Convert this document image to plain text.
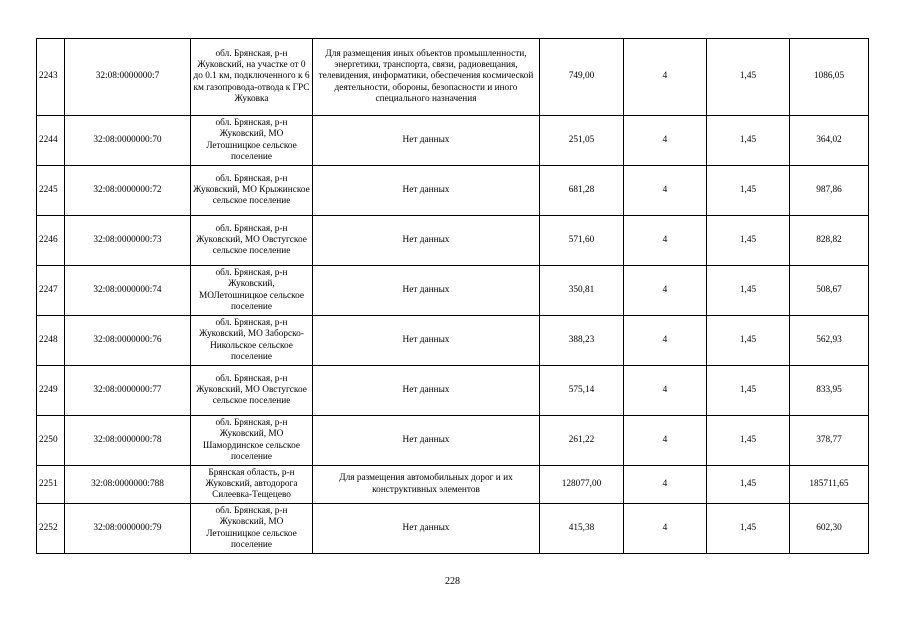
2243	32:08:0000000:7	обл. Брянская, р-н Жуковский, на участке от 0 до 0.1 км, подключенного к 6 км газопровода-отвода к ГРС Жуковка	Для размещения иных объектов промышленности, энергетики, транспорта, связи, радиовещания, телевидения, информатики, обеспечения космической деятельности, обороны, безопасности и иного специального назначения	749,00	4	1,45	1086,05
2244	32:08:0000000:70	обл. Брянская, р-н Жуковский, МО Летошницкое сельское поселение	Нет данных	251,05	4	1,45	364,02
2245	32:08:0000000:72	обл. Брянская, р-н Жуковский, МО Крыжинское сельское поселение	Нет данных	681,28	4	1,45	987,86
2246	32:08:0000000:73	обл. Брянская, р-н Жуковский, МО Овстугское сельское поселение	Нет данных	571,60	4	1,45	828,82
2247	32:08:0000000:74	обл. Брянская, р-н Жуковский, МОЛетошницкое сельское поселение	Нет данных	350,81	4	1,45	508,67
2248	32:08:0000000:76	обл. Брянская, р-н Жуковский, МО Заборско-Никольское сельское поселение	Нет данных	388,23	4	1,45	562,93
2249	32:08:0000000:77	обл. Брянская, р-н Жуковский, МО Овстугское сельское поселение	Нет данных	575,14	4	1,45	833,95
2250	32:08:0000000:78	обл. Брянская, р-н Жуковский, МО Шамординское сельское поселение	Нет данных	261,22	4	1,45	378,77
2251	32:08:0000000:788	Брянская область, р-н Жуковский, автодорога Силеевка-Тещецево	Для размещения автомобильных дорог и их конструктивных элементов	128077,00	4	1,45	185711,65
2252	32:08:0000000:79	обл. Брянская, р-н Жуковский, МО Летошницкое сельское поселение	Нет данных	415,38	4	1,45	602,30
228
